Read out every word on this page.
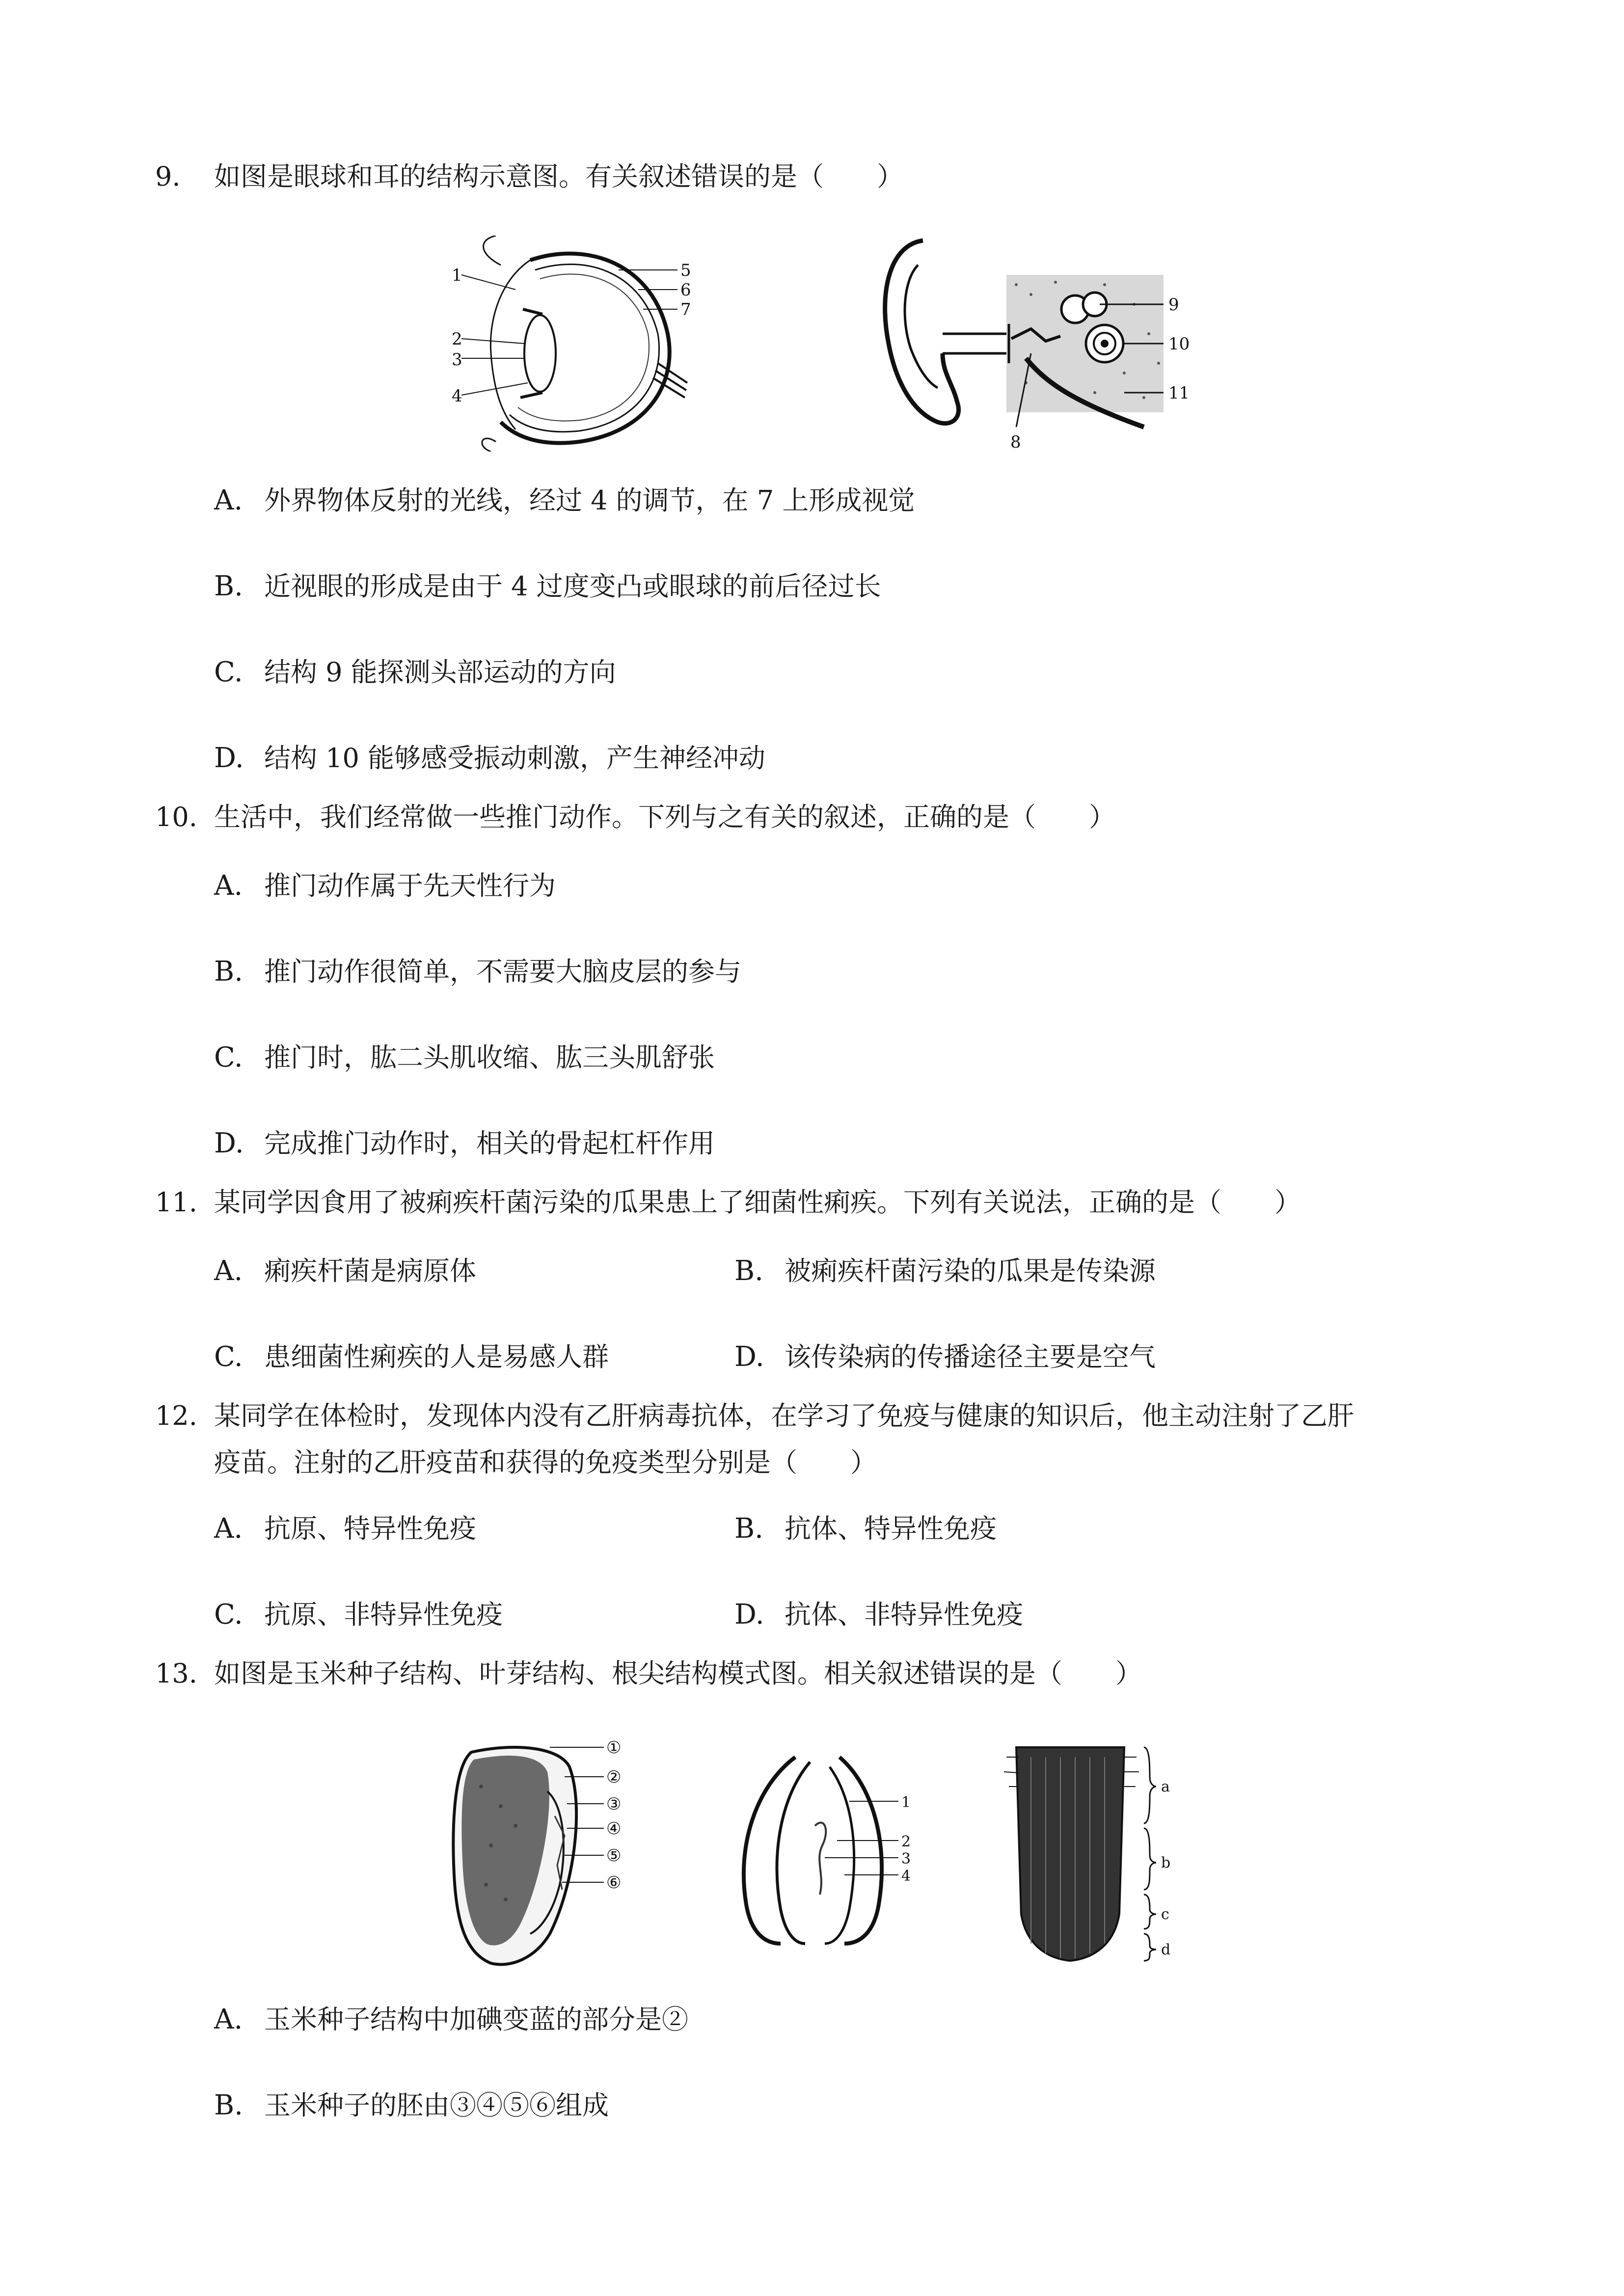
9. 如图是眼球和耳的结构示意图。有关叙述错误的是（　　）
1
2
3
4
5
6
7	9
10
11
8
A. 外界物体反射的光线，经过 4 的调节，在 7 上形成视觉
B. 近视眼的形成是由于 4 过度变凸或眼球的前后径过长
C. 结构 9 能探测头部运动的方向
D. 结构 10 能够感受振动刺激，产生神经冲动
10. 生活中，我们经常做一些推门动作。下列与之有关的叙述，正确的是（　　）
A. 推门动作属于先天性行为
B. 推门动作很简单，不需要大脑皮层的参与
C. 推门时，肱二头肌收缩、肱三头肌舒张
D. 完成推门动作时，相关的骨起杠杆作用
11. 某同学因食用了被痢疾杆菌污染的瓜果患上了细菌性痢疾。下列有关说法，正确的是（　　）
A. 痢疾杆菌是病原体	B. 被痢疾杆菌污染的瓜果是传染源
C. 患细菌性痢疾的人是易感人群	D. 该传染病的传播途径主要是空气
12. 某同学在体检时，发现体内没有乙肝病毒抗体，在学习了免疫与健康的知识后，他主动注射了乙肝
疫苗。注射的乙肝疫苗和获得的免疫类型分别是（　　）
A. 抗原、特异性免疫	B. 抗体、特异性免疫
C. 抗原、非特异性免疫	D. 抗体、非特异性免疫
13. 如图是玉米种子结构、叶芽结构、根尖结构模式图。相关叙述错误的是（　　）
①
②
③
④
⑤
⑥
1
2
3
4
a
b
c
d
A. 玉米种子结构中加碘变蓝的部分是②
B. 玉米种子的胚由③④⑤⑥组成
